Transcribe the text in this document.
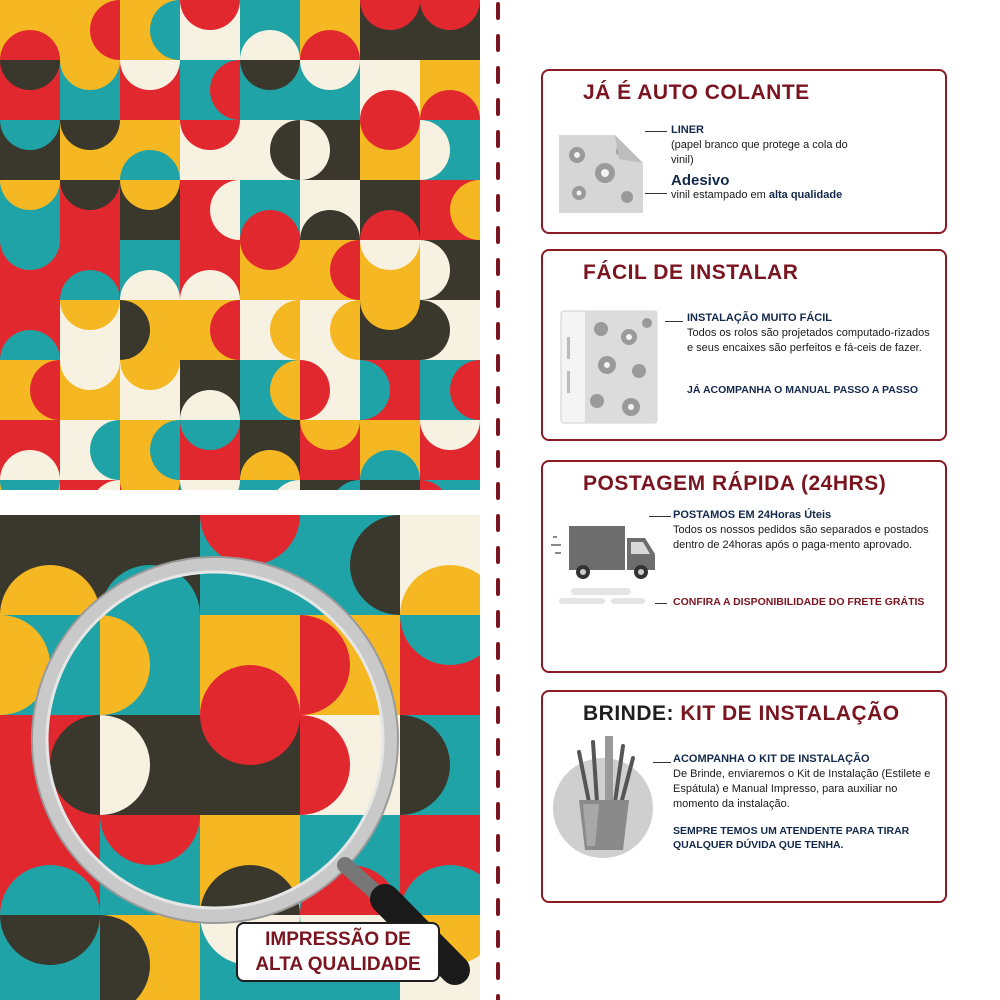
IMPRESSÃO DE
ALTA QUALIDADE
JÁ É AUTO COLANTE
LINER
(papel branco que protege a cola do vinil)
Adesivo
vinil estampado em alta qualidade
FÁCIL DE INSTALAR
INSTALAÇÃO MUITO FÁCIL
Todos os rolos são projetados computado-rizados e seus encaixes são perfeitos e fá-ceis de fazer.
JÁ ACOMPANHA O MANUAL PASSO A PASSO
POSTAGEM RÁPIDA (24HRS)
POSTAMOS EM 24Horas Úteis
Todos os nossos pedidos são separados e postados dentro de 24horas após o paga-mento aprovado.
CONFIRA A DISPONIBILIDADE DO FRETE GRÁTIS
BRINDE: KIT DE INSTALAÇÃO
ACOMPANHA O KIT DE INSTALAÇÃO
De Brinde, enviaremos o Kit de Instalação (Estilete e Espátula) e Manual Impresso, para auxiliar no momento da instalação.
SEMPRE TEMOS UM ATENDENTE PARA TIRAR QUALQUER DÚVIDA QUE TENHA.
